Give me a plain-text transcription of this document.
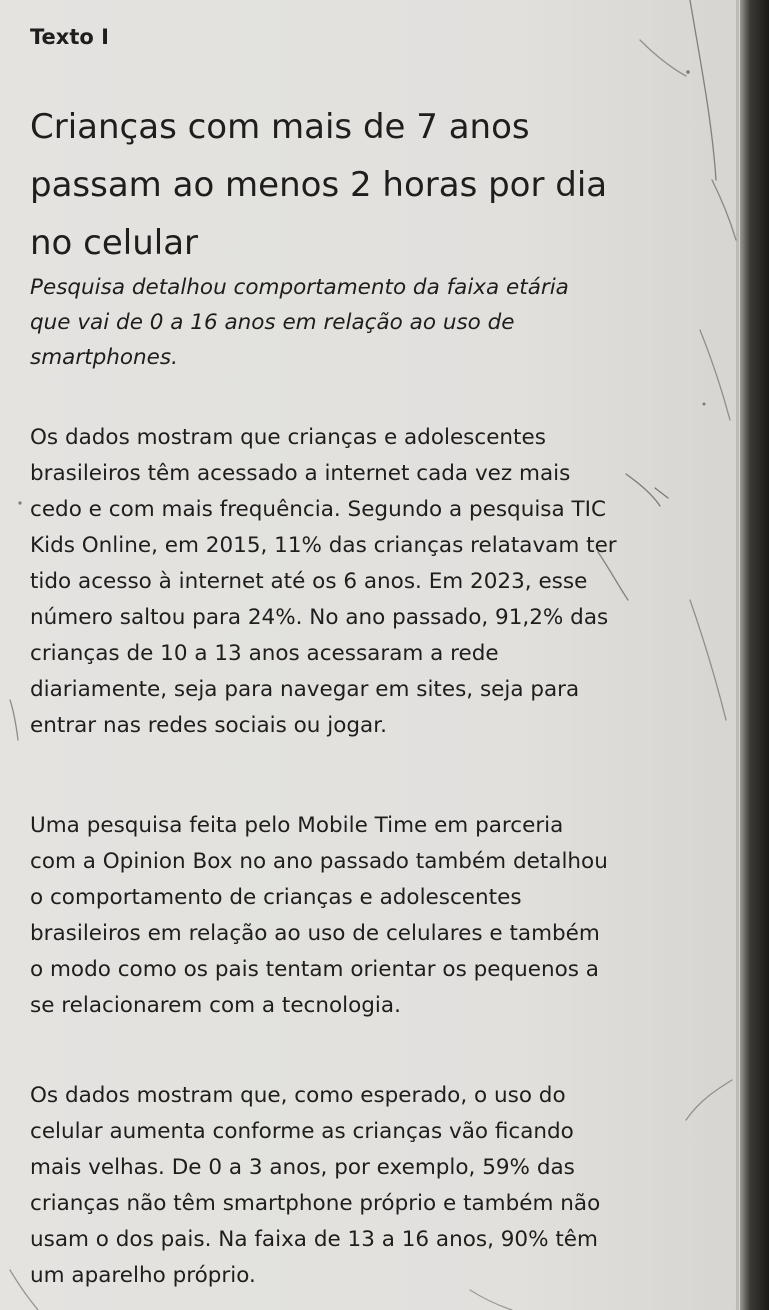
Texto I
Crianças com mais de 7 anos
passam ao menos 2 horas por dia
no celular

Pesquisa detalhou comportamento da faixa etária
que vai de 0 a 16 anos em relação ao uso de
smartphones.

Os dados mostram que crianças e adolescentes
brasileiros têm acessado a internet cada vez mais
cedo e com mais frequência. Segundo a pesquisa TIC
Kids Online, em 2015, 11% das crianças relatavam ter
tido acesso à internet até os 6 anos. Em 2023, esse
número saltou para 24%. No ano passado, 91,2% das
crianças de 10 a 13 anos acessaram a rede
diariamente, seja para navegar em sites, seja para
entrar nas redes sociais ou jogar.

Uma pesquisa feita pelo Mobile Time em parceria
com a Opinion Box no ano passado também detalhou
o comportamento de crianças e adolescentes
brasileiros em relação ao uso de celulares e também
o modo como os pais tentam orientar os pequenos a
se relacionarem com a tecnologia.

Os dados mostram que, como esperado, o uso do
celular aumenta conforme as crianças vão ficando
mais velhas. De 0 a 3 anos, por exemplo, 59% das
crianças não têm smartphone próprio e também não
usam o dos pais. Na faixa de 13 a 16 anos, 90% têm
um aparelho próprio.
